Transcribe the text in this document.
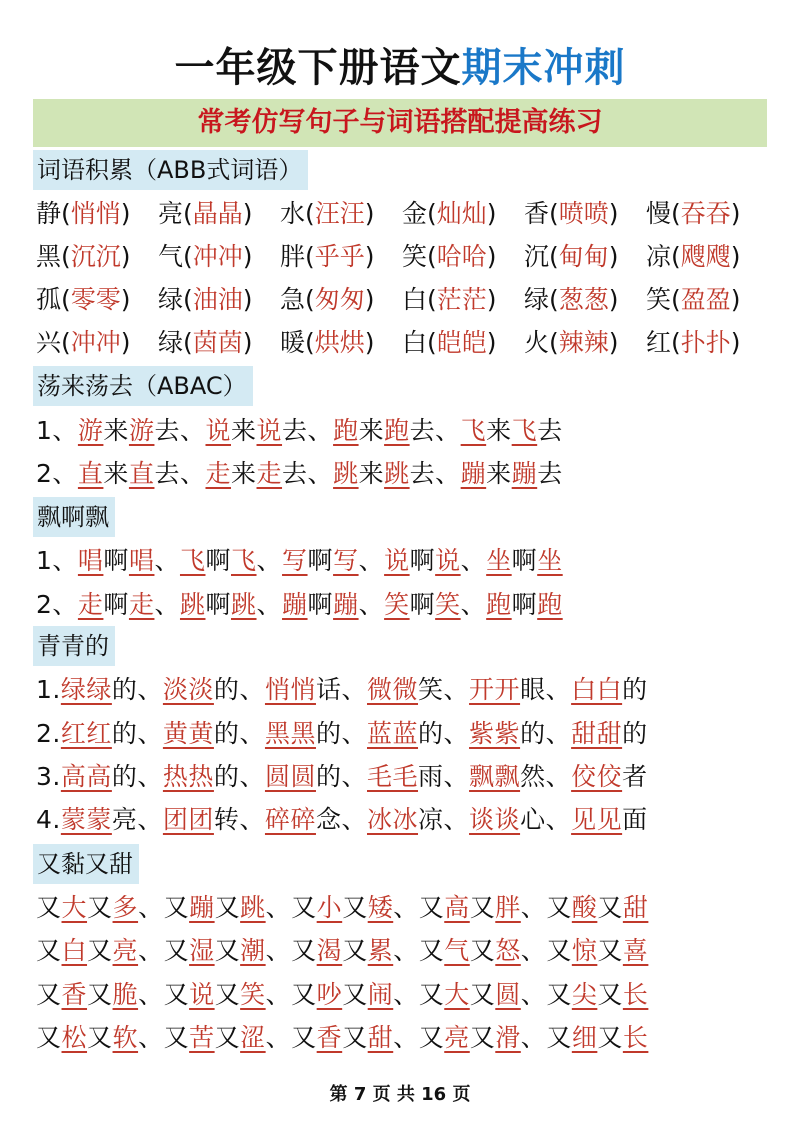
一年级下册语文期末冲刺
常考仿写句子与词语搭配提高练习
词语积累（ABB式词语）
静(悄悄) 亮(晶晶) 水(汪汪) 金(灿灿) 香(喷喷) 慢(吞吞)
黑(沉沉) 气(冲冲) 胖(乎乎) 笑(哈哈) 沉(甸甸) 凉(飕飕)
孤(零零) 绿(油油) 急(匆匆) 白(茫茫) 绿(葱葱) 笑(盈盈)
兴(冲冲) 绿(茵茵) 暖(烘烘) 白(皑皑) 火(辣辣) 红(扑扑)
荡来荡去（ABAC）
1、游来游去、说来说去、跑来跑去、飞来飞去
2、直来直去、走来走去、跳来跳去、蹦来蹦去
飘啊飘
1、唱啊唱、飞啊飞、写啊写、说啊说、坐啊坐
2、走啊走、跳啊跳、蹦啊蹦、笑啊笑、跑啊跑
青青的
1.绿绿的、淡淡的、悄悄话、微微笑、开开眼、白白的
2.红红的、黄黄的、黑黑的、蓝蓝的、紫紫的、甜甜的
3.高高的、热热的、圆圆的、毛毛雨、飘飘然、佼佼者
4.蒙蒙亮、团团转、碎碎念、冰冰凉、谈谈心、见见面
又黏又甜
又大又多、又蹦又跳、又小又矮、又高又胖、又酸又甜
又白又亮、又湿又潮、又渴又累、又气又怒、又惊又喜
又香又脆、又说又笑、又吵又闹、又大又圆、又尖又长
又松又软、又苦又涩、又香又甜、又亮又滑、又细又长
第 7 页 共 16 页
